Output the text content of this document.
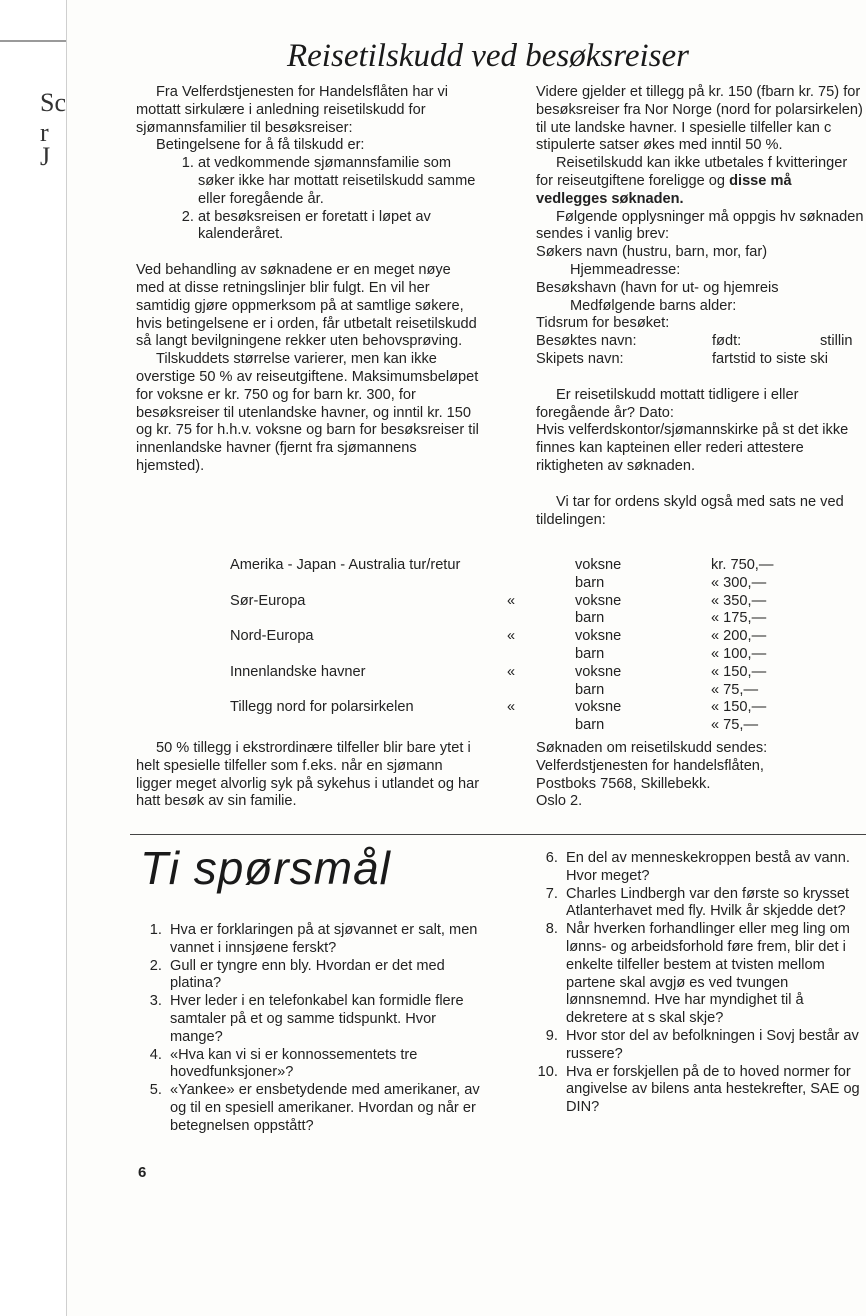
Sc
r
J
Reisetilskudd ved besøksreiser

Fra Velferdstjenesten for Handelsflåten har vi mottatt sirkulære i anledning reisetilskudd for sjømannsfamilier til besøksreiser:

Betingelsene for å få tilskudd er:

1. at vedkommende sjømannsfamilie som søker ikke har mottatt reisetilskudd samme eller foregående år.
2. at besøksreisen er foretatt i løpet av kalenderåret.

Ved behandling av søknadene er en meget nøye med at disse retningslinjer blir fulgt. En vil her samtidig gjøre oppmerksom på at samtlige søkere, hvis betingelsene er i orden, får utbetalt reisetilskudd så langt bevilgningene rekker uten behovsprøving.

Tilskuddets størrelse varierer, men kan ikke overstige 50 % av reiseutgiftene. Maksimumsbeløpet for voksne er kr. 750 og for barn kr. 300, for besøksreiser til utenlandske havner, og inntil kr. 150 og kr. 75 for h.h.v. voksne og barn for besøksreiser til innenlandske havner (fjernt fra sjømannens hjemsted).

Videre gjelder et tillegg på kr. 150 (fbarn kr. 75) for besøksreiser fra Nor Norge (nord for polarsirkelen) til ute landske havner. I spesielle tilfeller kan c stipulerte satser økes med inntil 50 %.

Reisetilskudd kan ikke utbetales f kvitteringer for reiseutgiftene foreligge og disse må vedlegges søknaden.

Følgende opplysninger må oppgis hv søknaden sendes i vanlig brev:

Søkers navn (hustru, barn, mor, far)

Hjemmeadresse:

Besøkshavn (havn for ut- og hjemreis

Medfølgende barns alder:

Tidsrum for besøket:

Besøktes navn:	født:	stillin
Skipets navn:	fartstid to siste ski

Er reisetilskudd mottatt tidligere i eller foregående år? Dato:

Hvis velferdskontor/sjømannskirke på st det ikke finnes kan kapteinen eller rederi attestere riktigheten av søknaden.

Vi tar for ordens skyld også med sats ne ved tildelingen:

Amerika - Japan - Australia tur/retur	voksne	kr. 750,—
barn	« 300,—
Sør-Europa	«	voksne	« 350,—
barn	« 175,—
Nord-Europa	«	voksne	« 200,—
barn	« 100,—
Innenlandske havner	«	voksne	« 150,—
barn	« 75,—
Tillegg nord for polarsirkelen	«	voksne	« 150,—
barn	« 75,—

50 % tillegg i ekstrordinære tilfeller blir bare ytet i helt spesielle tilfeller som f.eks. når en sjømann ligger meget alvorlig syk på sykehus i utlandet og har hatt besøk av sin familie.

Søknaden om reisetilskudd sendes:

Velferdstjenesten for handelsflåten,

Postboks 7568, Skillebekk.

Oslo 2.

Ti spørsmål
1. Hva er forklaringen på at sjøvannet er salt, men vannet i innsjøene ferskt?
2. Gull er tyngre enn bly. Hvordan er det med platina?
3. Hver leder i en telefonkabel kan formidle flere samtaler på et og samme tidspunkt. Hvor mange?
4. «Hva kan vi si er konnossementets tre hovedfunksjoner»?
5. «Yankee» er ensbetydende med amerikaner, av og til en spesiell amerikaner. Hvordan og når er betegnelsen oppstått?
6. En del av menneskekroppen bestå av vann. Hvor meget?
7. Charles Lindbergh var den første so krysset Atlanterhavet med fly. Hvilk år skjedde det?
8. Når hverken forhandlinger eller meg ling om lønns- og arbeidsforhold føre frem, blir det i enkelte tilfeller bestem at tvisten mellom partene skal avgjø es ved tvungen lønnsnemnd. Hve har myndighet til å dekretere at s skal skje?
9. Hvor stor del av befolkningen i Sovj består av russere?
10. Hva er forskjellen på de to hoved normer for angivelse av bilens anta hestekrefter, SAE og DIN?
6
